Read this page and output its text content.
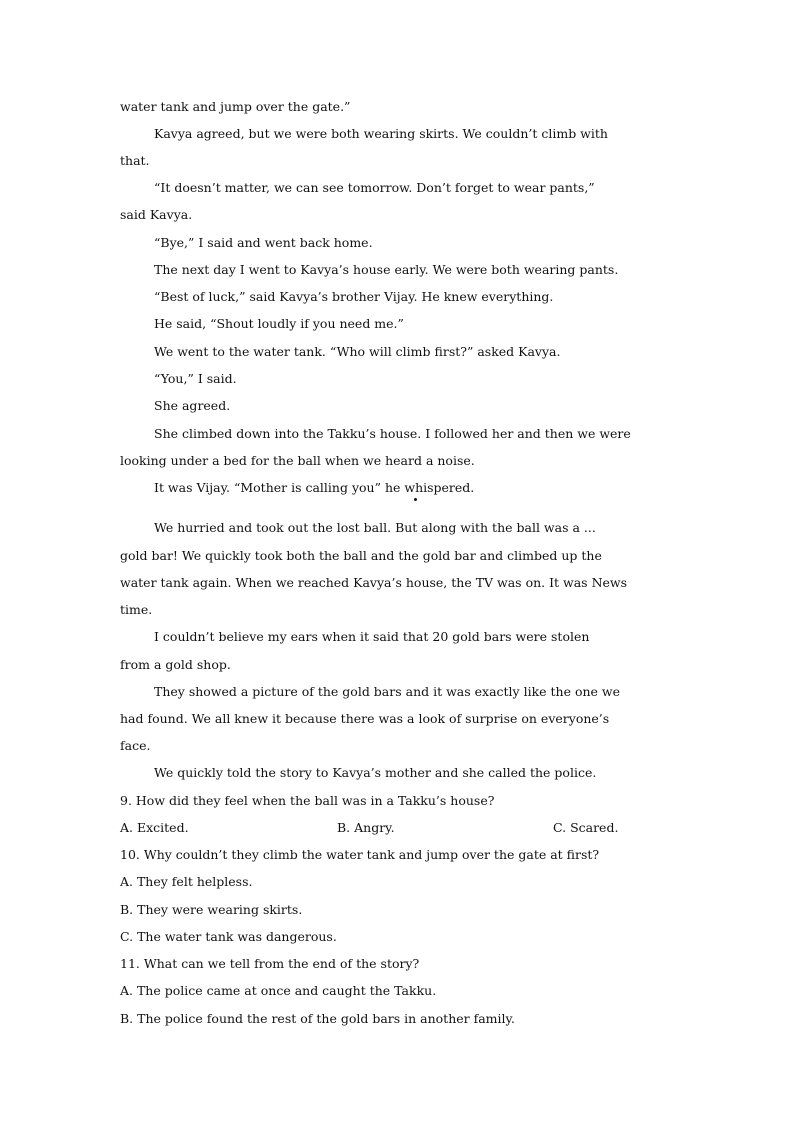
water tank and jump over the gate.”
Kavya agreed, but we were both wearing skirts. We couldn’t climb with
that.
“It doesn’t matter, we can see tomorrow. Don’t forget to wear pants,”
said Kavya.
“Bye,” I said and went back home.
The next day I went to Kavya’s house early. We were both wearing pants.
“Best of luck,” said Kavya’s brother Vijay. He knew everything.
He said, “Shout loudly if you need me.”
We went to the water tank. “Who will climb first?” asked Kavya.
“You,” I said.
She agreed.
She climbed down into the Takku’s house. I followed her and then we were
looking under a bed for the ball when we heard a noise.
It was Vijay. “Mother is calling you” he whispered.
We hurried and took out the lost ball. But along with the ball was a ...
gold bar! We quickly took both the ball and the gold bar and climbed up the
water tank again. When we reached Kavya’s house, the TV was on. It was News
time.
I couldn’t believe my ears when it said that 20 gold bars were stolen
from a gold shop.
They showed a picture of the gold bars and it was exactly like the one we
had found. We all knew it because there was a look of surprise on everyone’s
face.
We quickly told the story to Kavya’s mother and she called the police.
9. How did they feel when the ball was in a Takku’s house?
A. Excited.	B. Angry.	C. Scared.
10. Why couldn’t they climb the water tank and jump over the gate at first?
A. They felt helpless.
B. They were wearing skirts.
C. The water tank was dangerous.
11. What can we tell from the end of the story?
A. The police came at once and caught the Takku.
B. The police found the rest of the gold bars in another family.
